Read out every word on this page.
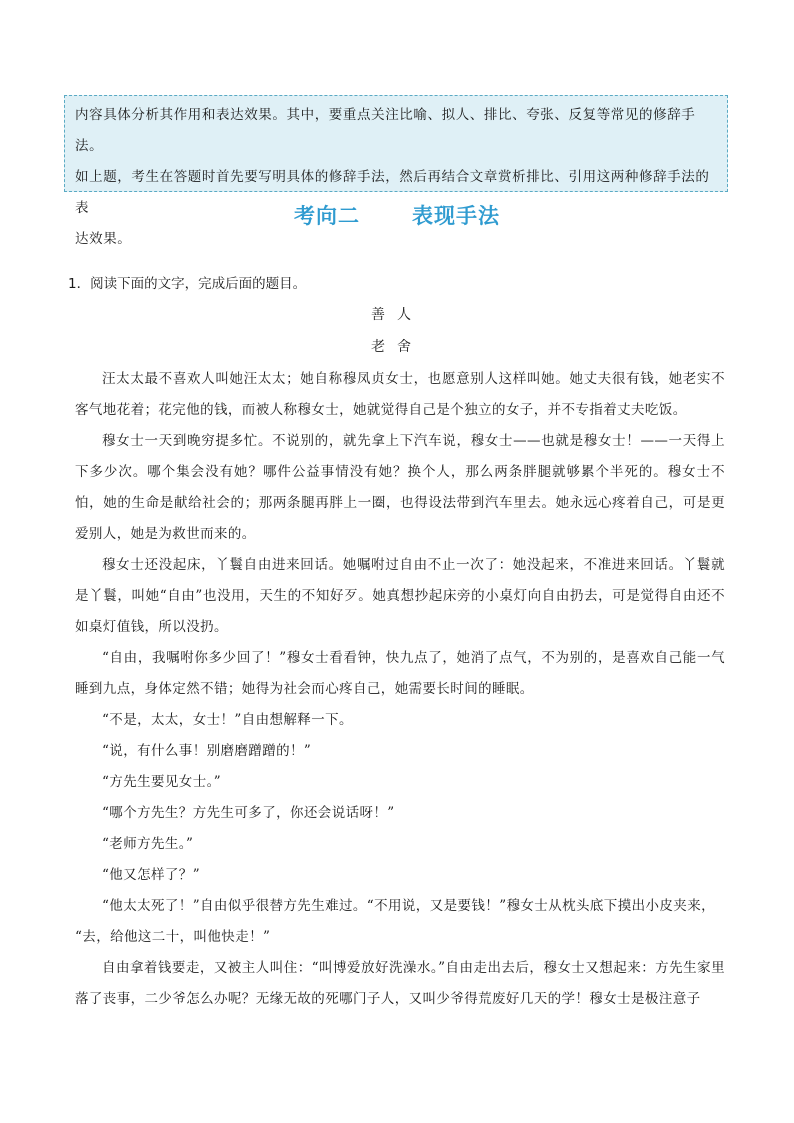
内容具体分析其作用和表达效果。其中，要重点关注比喻、拟人、排比、夸张、反复等常见的修辞手法。

如上题，考生在答题时首先要写明具体的修辞手法，然后再结合文章赏析排比、引用这两种修辞手法的表

达效果。

考向二 表现手法
1．阅读下面的文字，完成后面的题目。
善人
老舍

汪太太最不喜欢人叫她汪太太；她自称穆凤贞女士，也愿意别人这样叫她。她丈夫很有钱，她老实不客气地花着；花完他的钱，而被人称穆女士，她就觉得自己是个独立的女子，并不专指着丈夫吃饭。

穆女士一天到晚穷提多忙。不说别的，就先拿上下汽车说，穆女士——也就是穆女士！——一天得上下多少次。哪个集会没有她？哪件公益事情没有她？换个人，那么两条胖腿就够累个半死的。穆女士不怕，她的生命是献给社会的；那两条腿再胖上一圈，也得设法带到汽车里去。她永远心疼着自己，可是更爱别人，她是为救世而来的。

穆女士还没起床，丫鬟自由进来回话。她嘱咐过自由不止一次了：她没起来，不准进来回话。丫鬟就是丫鬟，叫她“自由”也没用，天生的不知好歹。她真想抄起床旁的小桌灯向自由扔去，可是觉得自由还不如桌灯值钱，所以没扔。

“自由，我嘱咐你多少回了！”穆女士看看钟，快九点了，她消了点气，不为别的，是喜欢自己能一气睡到九点，身体定然不错；她得为社会而心疼自己，她需要长时间的睡眠。

“不是，太太，女士！”自由想解释一下。

“说，有什么事！别磨磨蹭蹭的！”

“方先生要见女士。”

“哪个方先生？方先生可多了，你还会说话呀！”

“老师方先生。”

“他又怎样了？”

“他太太死了！”自由似乎很替方先生难过。“不用说，又是要钱！”穆女士从枕头底下摸出小皮夹来，

“去，给他这二十，叫他快走！”

自由拿着钱要走，又被主人叫住：“叫博爱放好洗澡水。”自由走出去后，穆女士又想起来：方先生家里落了丧事，二少爷怎么办呢？无缘无故的死哪门子人，又叫少爷得荒废好几天的学！穆女士是极注意子
